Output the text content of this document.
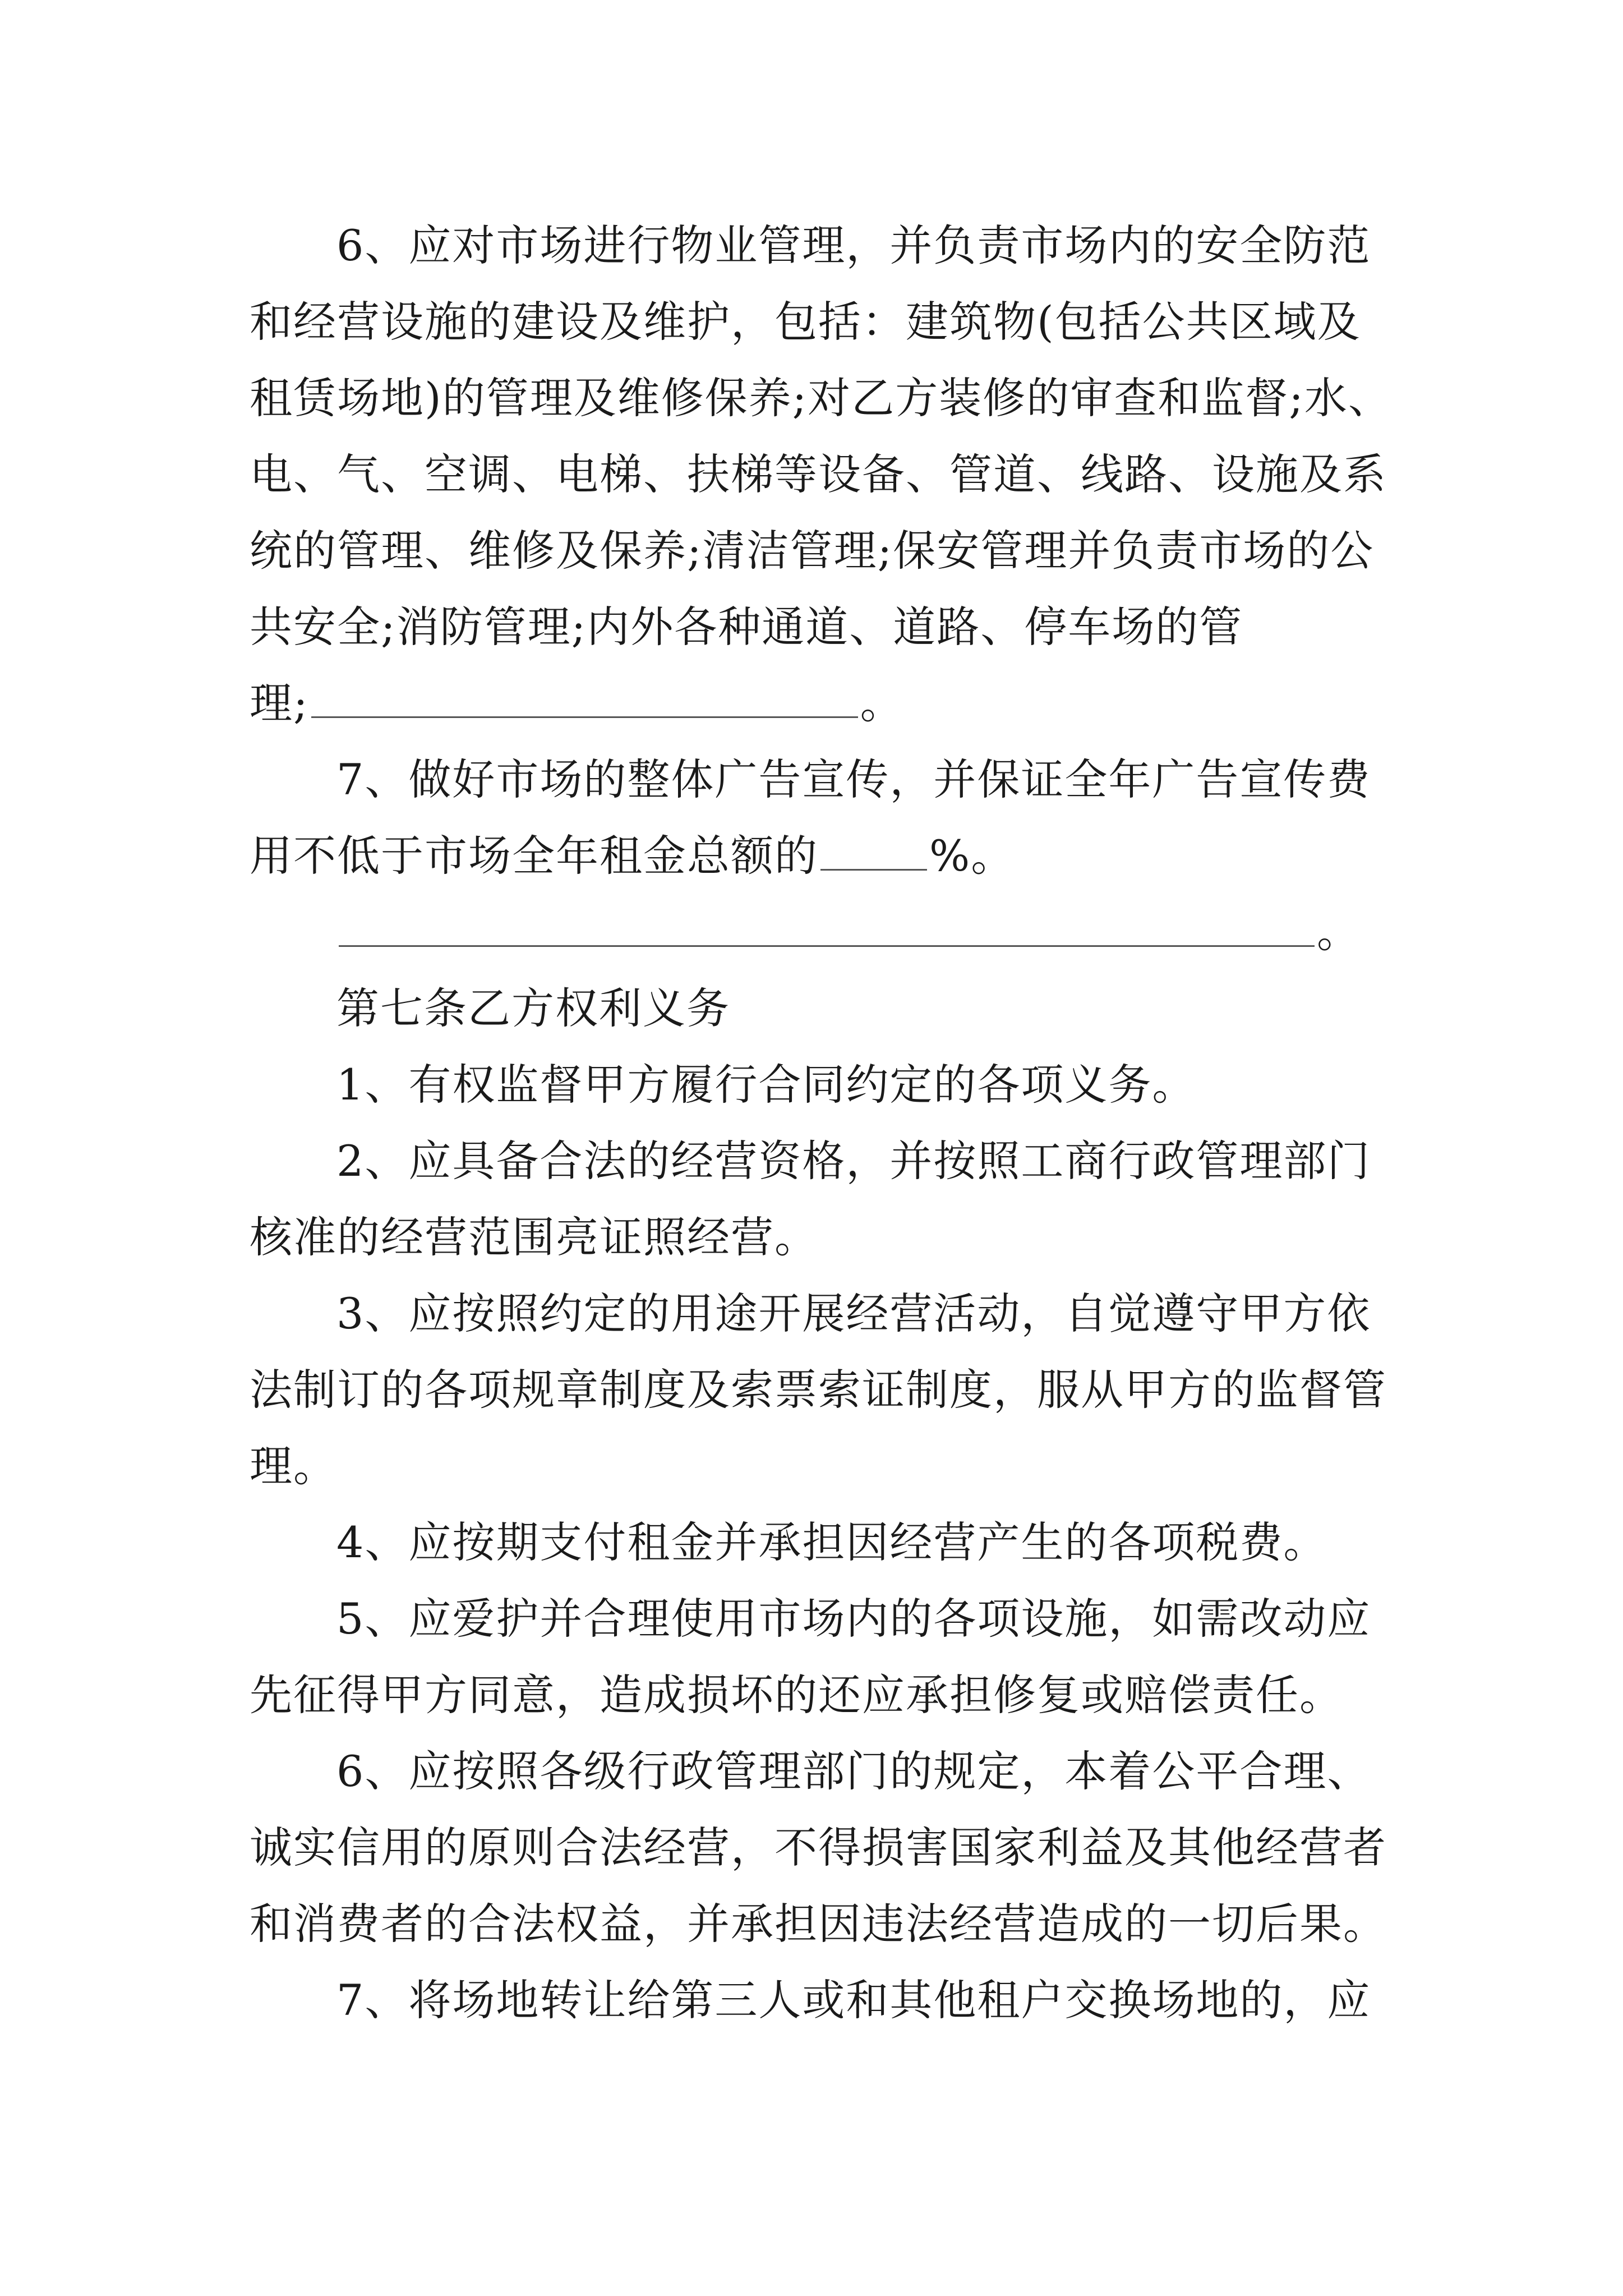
6、应对市场进行物业管理，并负责市场内的安全防范
和经营设施的建设及维护，包括：建筑物(包括公共区域及
租赁场地)的管理及维修保养;对乙方装修的审查和监督;水、
电、气、空调、电梯、扶梯等设备、管道、线路、设施及系
统的管理、维修及保养;清洁管理;保安管理并负责市场的公
共安全;消防管理;内外各种通道、道路、停车场的管
理;	。
7、做好市场的整体广告宣传，并保证全年广告宣传费
用不低于市场全年租金总额的	%。
。
第七条乙方权利义务
1、有权监督甲方履行合同约定的各项义务。
2、应具备合法的经营资格，并按照工商行政管理部门
核准的经营范围亮证照经营。
3、应按照约定的用途开展经营活动，自觉遵守甲方依
法制订的各项规章制度及索票索证制度，服从甲方的监督管
理。
4、应按期支付租金并承担因经营产生的各项税费。
5、应爱护并合理使用市场内的各项设施，如需改动应
先征得甲方同意，造成损坏的还应承担修复或赔偿责任。
6、应按照各级行政管理部门的规定，本着公平合理、
诚实信用的原则合法经营，不得损害国家利益及其他经营者
和消费者的合法权益，并承担因违法经营造成的一切后果。
7、将场地转让给第三人或和其他租户交换场地的，应
